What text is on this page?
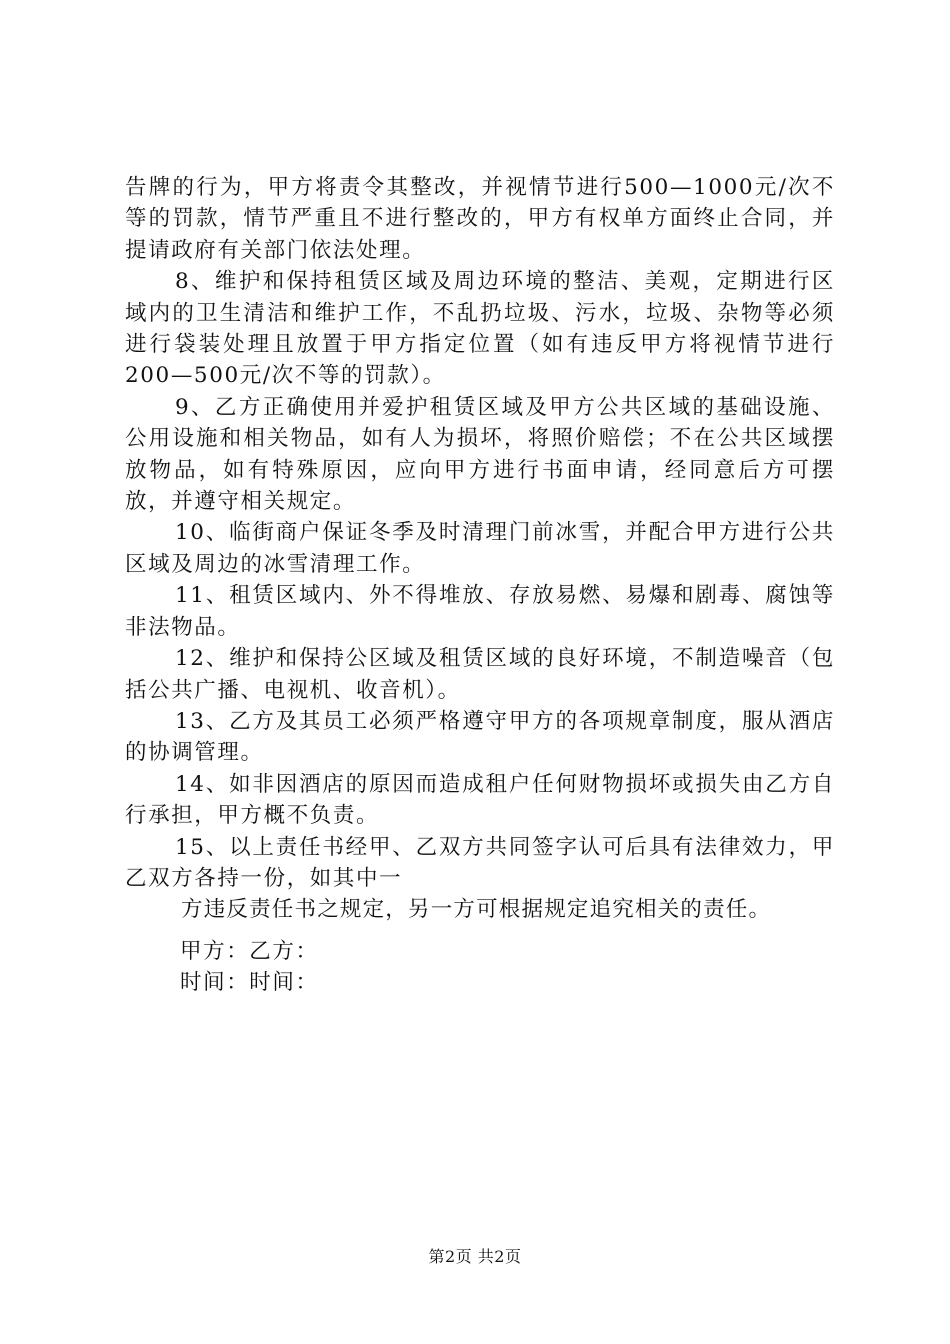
告牌的行为，甲方将责令其整改，并视情节进行500—1000元/次不等的罚款，情节严重且不进行整改的，甲方有权单方面终止合同，并提请政府有关部门依法处理。

8、维护和保持租赁区域及周边环境的整洁、美观，定期进行区域内的卫生清洁和维护工作，不乱扔垃圾、污水，垃圾、杂物等必须进行袋装处理且放置于甲方指定位置（如有违反甲方将视情节进行200—500元/次不等的罚款）。

9、乙方正确使用并爱护租赁区域及甲方公共区域的基础设施、公用设施和相关物品，如有人为损坏，将照价赔偿；不在公共区域摆放物品，如有特殊原因，应向甲方进行书面申请，经同意后方可摆放，并遵守相关规定。

10、临街商户保证冬季及时清理门前冰雪，并配合甲方进行公共区域及周边的冰雪清理工作。

11、租赁区域内、外不得堆放、存放易燃、易爆和剧毒、腐蚀等非法物品。

12、维护和保持公区域及租赁区域的良好环境，不制造噪音（包括公共广播、电视机、收音机）。

13、乙方及其员工必须严格遵守甲方的各项规章制度，服从酒店的协调管理。

14、如非因酒店的原因而造成租户任何财物损坏或损失由乙方自行承担，甲方概不负责。

15、以上责任书经甲、乙双方共同签字认可后具有法律效力，甲乙双方各持一份，如其中一

方违反责任书之规定，另一方可根据规定追究相关的责任。

甲方：乙方：
时间：时间：
第2页 共2页
